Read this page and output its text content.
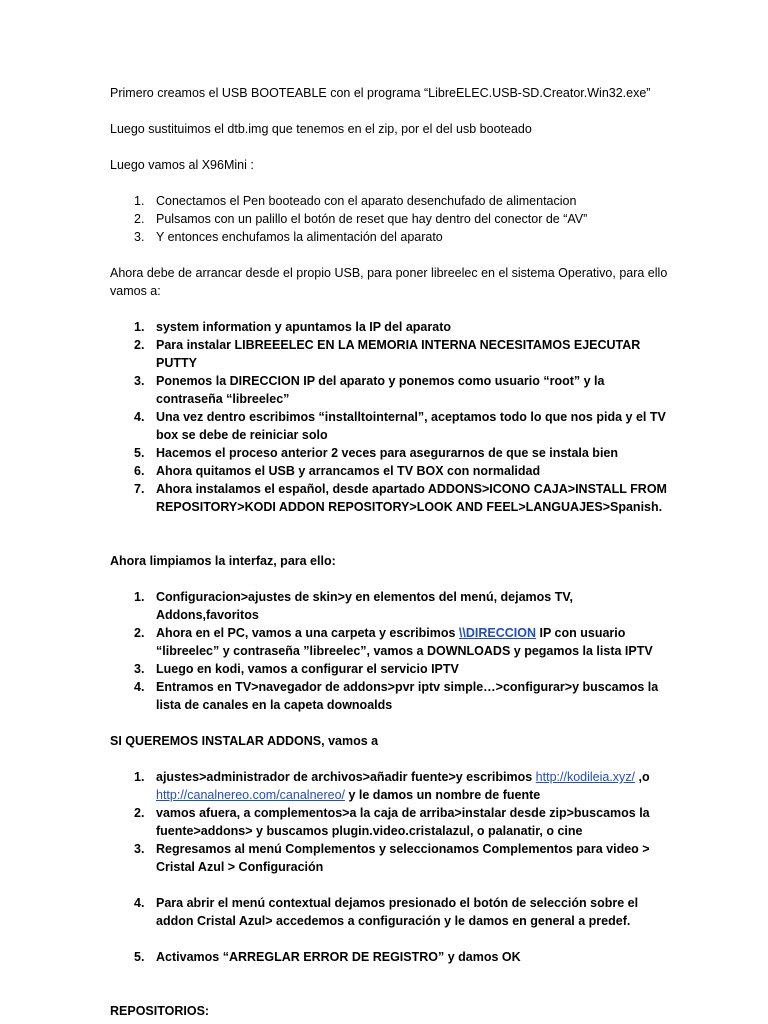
Primero creamos el USB BOOTEABLE con el programa “LibreELEC.USB-SD.Creator.Win32.exe”

Luego sustituimos el dtb.img que tenemos en el zip, por el del usb booteado

Luego vamos al X96Mini :

1. Conectamos el Pen booteado con el aparato desenchufado de alimentacion
2. Pulsamos con un palillo el botón de reset que hay dentro del conector de “AV”
3. Y entonces enchufamos la alimentación del aparato

Ahora debe de arrancar desde el propio USB, para poner libreelec en el sistema Operativo, para ello vamos a:

1. system information y apuntamos la IP del aparato
2. Para instalar LIBREEELEC EN LA MEMORIA INTERNA NECESITAMOS EJECUTAR PUTTY
3. Ponemos la DIRECCION IP del aparato y ponemos como usuario “root” y la contraseña “libreelec”
4. Una vez dentro escribimos “installtointernal”, aceptamos todo lo que nos pida y el TV box se debe de reiniciar solo
5. Hacemos el proceso anterior 2 veces para asegurarnos de que se instala bien
6. Ahora quitamos el USB y arrancamos el TV BOX con normalidad
7. Ahora instalamos el español, desde apartado ADDONS>ICONO CAJA>INSTALL FROM REPOSITORY>KODI ADDON REPOSITORY>LOOK AND FEEL>LANGUAJES>Spanish.

Ahora limpiamos la interfaz, para ello:

1. Configuracion>ajustes de skin>y en elementos del menú, dejamos TV, Addons,favoritos
2. Ahora en el PC, vamos a una carpeta y escribimos \\DIRECCION IP con usuario “libreelec” y contraseña ”libreelec”, vamos a DOWNLOADS y pegamos la lista IPTV
3. Luego en kodi, vamos a configurar el servicio IPTV
4. Entramos en TV>navegador de addons>pvr iptv simple…>configurar>y buscamos la lista de canales en la capeta downoalds

SI QUEREMOS INSTALAR ADDONS, vamos a

1. ajustes>administrador de archivos>añadir fuente>y escribimos http://kodileia.xyz/ ,o http://canalnereo.com/canalnereo/ y le damos un nombre de fuente
2. vamos afuera, a complementos>a la caja de arriba>instalar desde zip>buscamos la fuente>addons> y buscamos plugin.video.cristalazul, o palanatir, o cine
3. Regresamos al menú Complementos y seleccionamos Complementos para video > Cristal Azul > Configuración
4. Para abrir el menú contextual dejamos presionado el botón de selección sobre el addon Cristal Azul> accedemos a configuración y le damos en general a predef.
5. Activamos “ARREGLAR ERROR DE REGISTRO” y damos OK

REPOSITORIOS:
